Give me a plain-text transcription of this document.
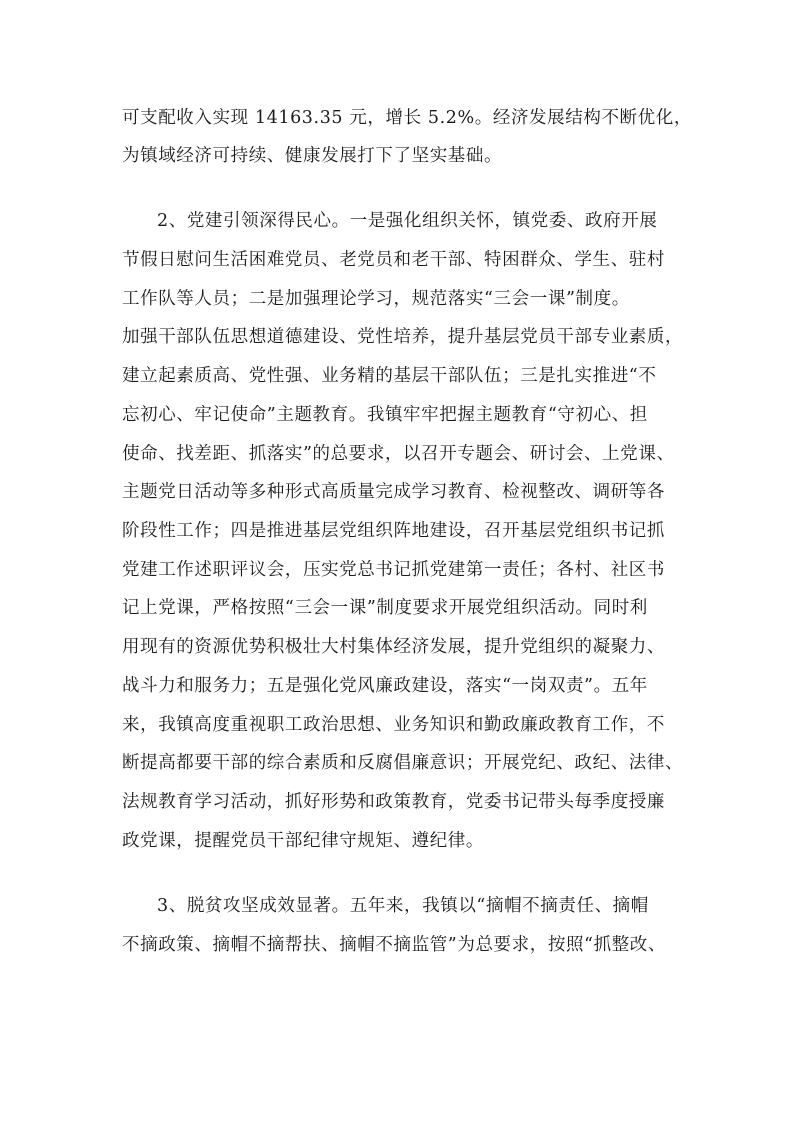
可支配收入实现 14163.35 元，增长 5.2%。经济发展结构不断优化，
为镇域经济可持续、健康发展打下了坚实基础。
2、党建引领深得民心。一是强化组织关怀，镇党委、政府开展
节假日慰问生活困难党员、老党员和老干部、特困群众、学生、驻村
工作队等人员；二是加强理论学习，规范落实“三会一课”制度。
加强干部队伍思想道德建设、党性培养，提升基层党员干部专业素质，
建立起素质高、党性强、业务精的基层干部队伍；三是扎实推进“不
忘初心、牢记使命”主题教育。我镇牢牢把握主题教育“守初心、担
使命、找差距、抓落实”的总要求，以召开专题会、研讨会、上党课、
主题党日活动等多种形式高质量完成学习教育、检视整改、调研等各
阶段性工作；四是推进基层党组织阵地建设，召开基层党组织书记抓
党建工作述职评议会，压实党总书记抓党建第一责任；各村、社区书
记上党课，严格按照“三会一课”制度要求开展党组织活动。同时利
用现有的资源优势积极壮大村集体经济发展，提升党组织的凝聚力、
战斗力和服务力；五是强化党风廉政建设，落实“一岗双责”。五年
来，我镇高度重视职工政治思想、业务知识和勤政廉政教育工作，不
断提高都要干部的综合素质和反腐倡廉意识；开展党纪、政纪、法律、
法规教育学习活动，抓好形势和政策教育，党委书记带头每季度授廉
政党课，提醒党员干部纪律守规矩、遵纪律。
3、脱贫攻坚成效显著。五年来，我镇以“摘帽不摘责任、摘帽
不摘政策、摘帽不摘帮扶、摘帽不摘监管”为总要求，按照“抓整改、
